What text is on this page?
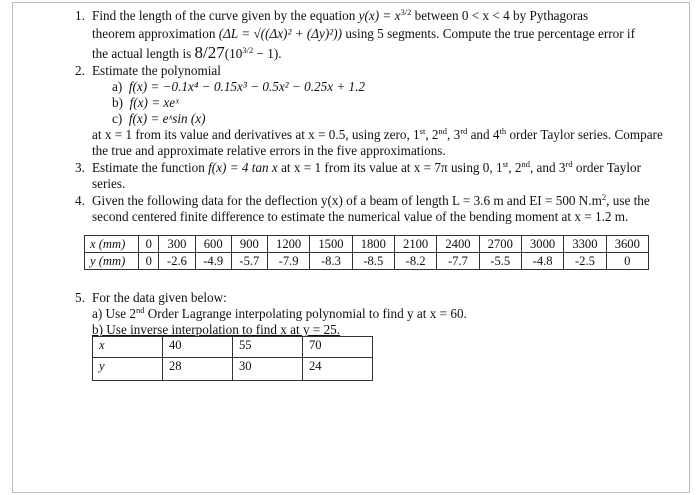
1. Find the length of the curve given by the equation $y(x) = x^{3/2}$ between 0 < x < 4 by Pythagoras
theorem approximation (ΔL = √((Δx)² + (Δy)²)) using 5 segments. Compute the true percentage error if
the actual length is $8/27(10^{3/2} - 1)$.
2. Estimate the polynomial
a) f(x) = −0.1x⁴ − 0.15x³ − 0.5x² − 0.25x + 1.2
b) f(x) = xeˣ
c) f(x) = eˣsin (x)
at x = 1 from its value and derivatives at x = 0.5, using zero, 1st, 2nd, 3rd and 4th order Taylor series. Compare
the true and approximate relative errors in the five approximations.
3. Estimate the function f(x) = 4 tan x at x = 1 from its value at x = 7π using 0, 1st, 2nd, and 3rd order Taylor
series.
4. Given the following data for the deflection y(x) of a beam of length L = 3.6 m and EI = 500 $N.m^2$, use the
second centered finite difference to estimate the numerical value of the bending moment at x = 1.2 m.
x (mm)	0	300	600	900	1200	1500	1800	2100	2400	2700	3000	3300	3600
y (mm)	0	-2.6	-4.9	-5.7	-7.9	-8.3	-8.5	-8.2	-7.7	-5.5	-4.8	-2.5	0
5. For the data given below:
a) Use 2nd Order Lagrange interpolating polynomial to find y at x = 60.
b) Use inverse interpolation to find x at y = 25.
x	40	55	70
y	28	30	24
